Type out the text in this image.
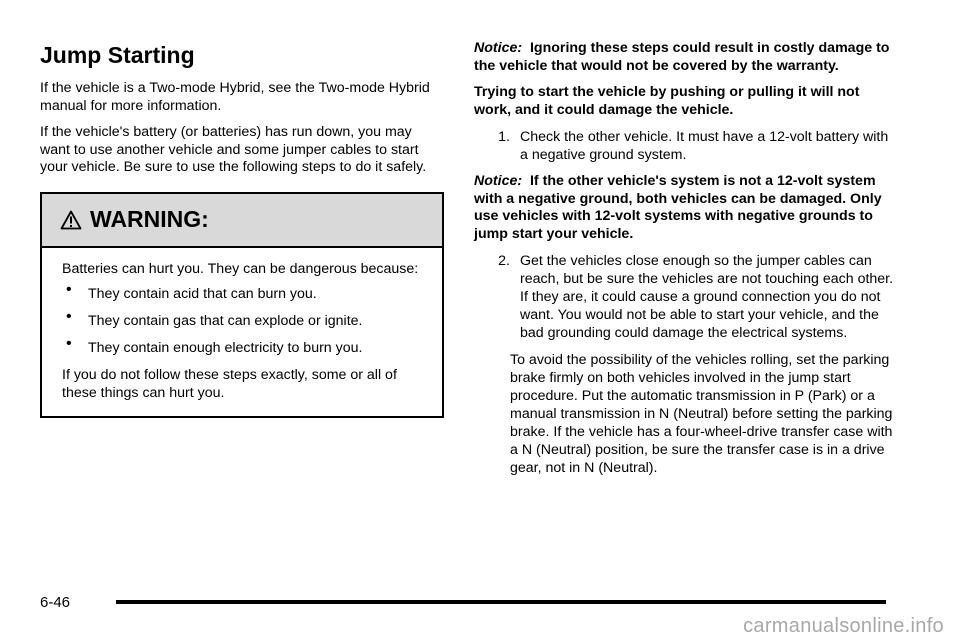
Jump Starting

If the vehicle is a Two-mode Hybrid, see the Two-mode Hybrid manual for more information.

If the vehicle's battery (or batteries) has run down, you may want to use another vehicle and some jumper cables to start your vehicle. Be sure to use the following steps to do it safely.

WARNING:

Batteries can hurt you. They can be dangerous because:

• They contain acid that can burn you.
• They contain gas that can explode or ignite.
• They contain enough electricity to burn you.

If you do not follow these steps exactly, some or all of these things can hurt you.

Notice: Ignoring these steps could result in costly damage to the vehicle that would not be covered by the warranty.

Trying to start the vehicle by pushing or pulling it will not work, and it could damage the vehicle.

1. Check the other vehicle. It must have a 12-volt battery with a negative ground system.

Notice: If the other vehicle's system is not a 12-volt system with a negative ground, both vehicles can be damaged. Only use vehicles with 12-volt systems with negative grounds to jump start your vehicle.

2. Get the vehicles close enough so the jumper cables can reach, but be sure the vehicles are not touching each other. If they are, it could cause a ground connection you do not want. You would not be able to start your vehicle, and the bad grounding could damage the electrical systems.

To avoid the possibility of the vehicles rolling, set the parking brake firmly on both vehicles involved in the jump start procedure. Put the automatic transmission in P (Park) or a manual transmission in N (Neutral) before setting the parking brake. If the vehicle has a four-wheel-drive transfer case with a N (Neutral) position, be sure the transfer case is in a drive gear, not in N (Neutral).

6-46
carmanualsonline.info
